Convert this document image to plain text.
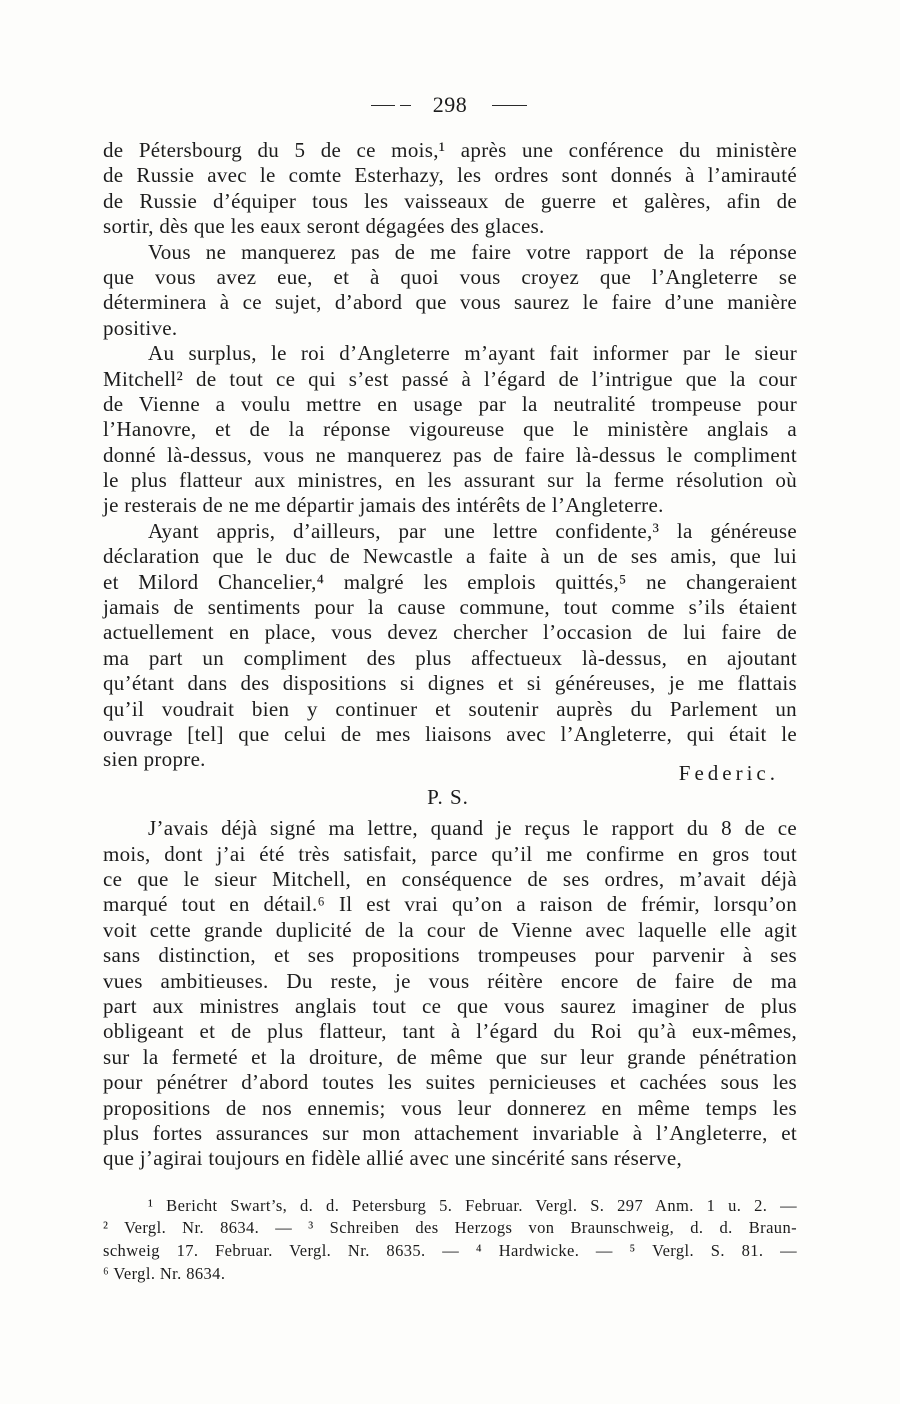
298
de Pétersbourg du 5 de ce mois,¹ après une conférence du ministère
de Russie avec le comte Esterhazy, les ordres sont donnés à l’amirauté
de Russie d’équiper tous les vaisseaux de guerre et galères, afin de
sortir, dès que les eaux seront dégagées des glaces.
Vous ne manquerez pas de me faire votre rapport de la réponse
que vous avez eue, et à quoi vous croyez que l’Angleterre se
déterminera à ce sujet, d’abord que vous saurez le faire d’une manière
positive.
Au surplus, le roi d’Angleterre m’ayant fait informer par le sieur
Mitchell² de tout ce qui s’est passé à l’égard de l’intrigue que la cour
de Vienne a voulu mettre en usage par la neutralité trompeuse pour
l’Hanovre, et de la réponse vigoureuse que le ministère anglais a
donné là-dessus, vous ne manquerez pas de faire là-dessus le compliment
le plus flatteur aux ministres, en les assurant sur la ferme résolution où
je resterais de ne me départir jamais des intérêts de l’Angleterre.
Ayant appris, d’ailleurs, par une lettre confidente,³ la généreuse
déclaration que le duc de Newcastle a faite à un de ses amis, que lui
et Milord Chancelier,⁴ malgré les emplois quittés,⁵ ne changeraient
jamais de sentiments pour la cause commune, tout comme s’ils étaient
actuellement en place, vous devez chercher l’occasion de lui faire de
ma part un compliment des plus affectueux là-dessus, en ajoutant
qu’étant dans des dispositions si dignes et si généreuses, je me flattais
qu’il voudrait bien y continuer et soutenir auprès du Parlement un
ouvrage [tel] que celui de mes liaisons avec l’Angleterre, qui était le
sien propre.
Federic.
P. S.
J’avais déjà signé ma lettre, quand je reçus le rapport du 8 de ce
mois, dont j’ai été très satisfait, parce qu’il me confirme en gros tout
ce que le sieur Mitchell, en conséquence de ses ordres, m’avait déjà
marqué tout en détail.⁶ Il est vrai qu’on a raison de frémir, lorsqu’on
voit cette grande duplicité de la cour de Vienne avec laquelle elle agit
sans distinction, et ses propositions trompeuses pour parvenir à ses
vues ambitieuses. Du reste, je vous réitère encore de faire de ma
part aux ministres anglais tout ce que vous saurez imaginer de plus
obligeant et de plus flatteur, tant à l’égard du Roi qu’à eux-mêmes,
sur la fermeté et la droiture, de même que sur leur grande pénétration
pour pénétrer d’abord toutes les suites pernicieuses et cachées sous les
propositions de nos ennemis; vous leur donnerez en même temps les
plus fortes assurances sur mon attachement invariable à l’Angleterre, et
que j’agirai toujours en fidèle allié avec une sincérité sans réserve,
¹ Bericht Swart’s, d. d. Petersburg 5. Februar. Vergl. S. 297 Anm. 1 u. 2. —
² Vergl. Nr. 8634. — ³ Schreiben des Herzogs von Braunschweig, d. d. Braun-
schweig 17. Februar. Vergl. Nr. 8635. — ⁴ Hardwicke. — ⁵ Vergl. S. 81. —
⁶ Vergl. Nr. 8634.
